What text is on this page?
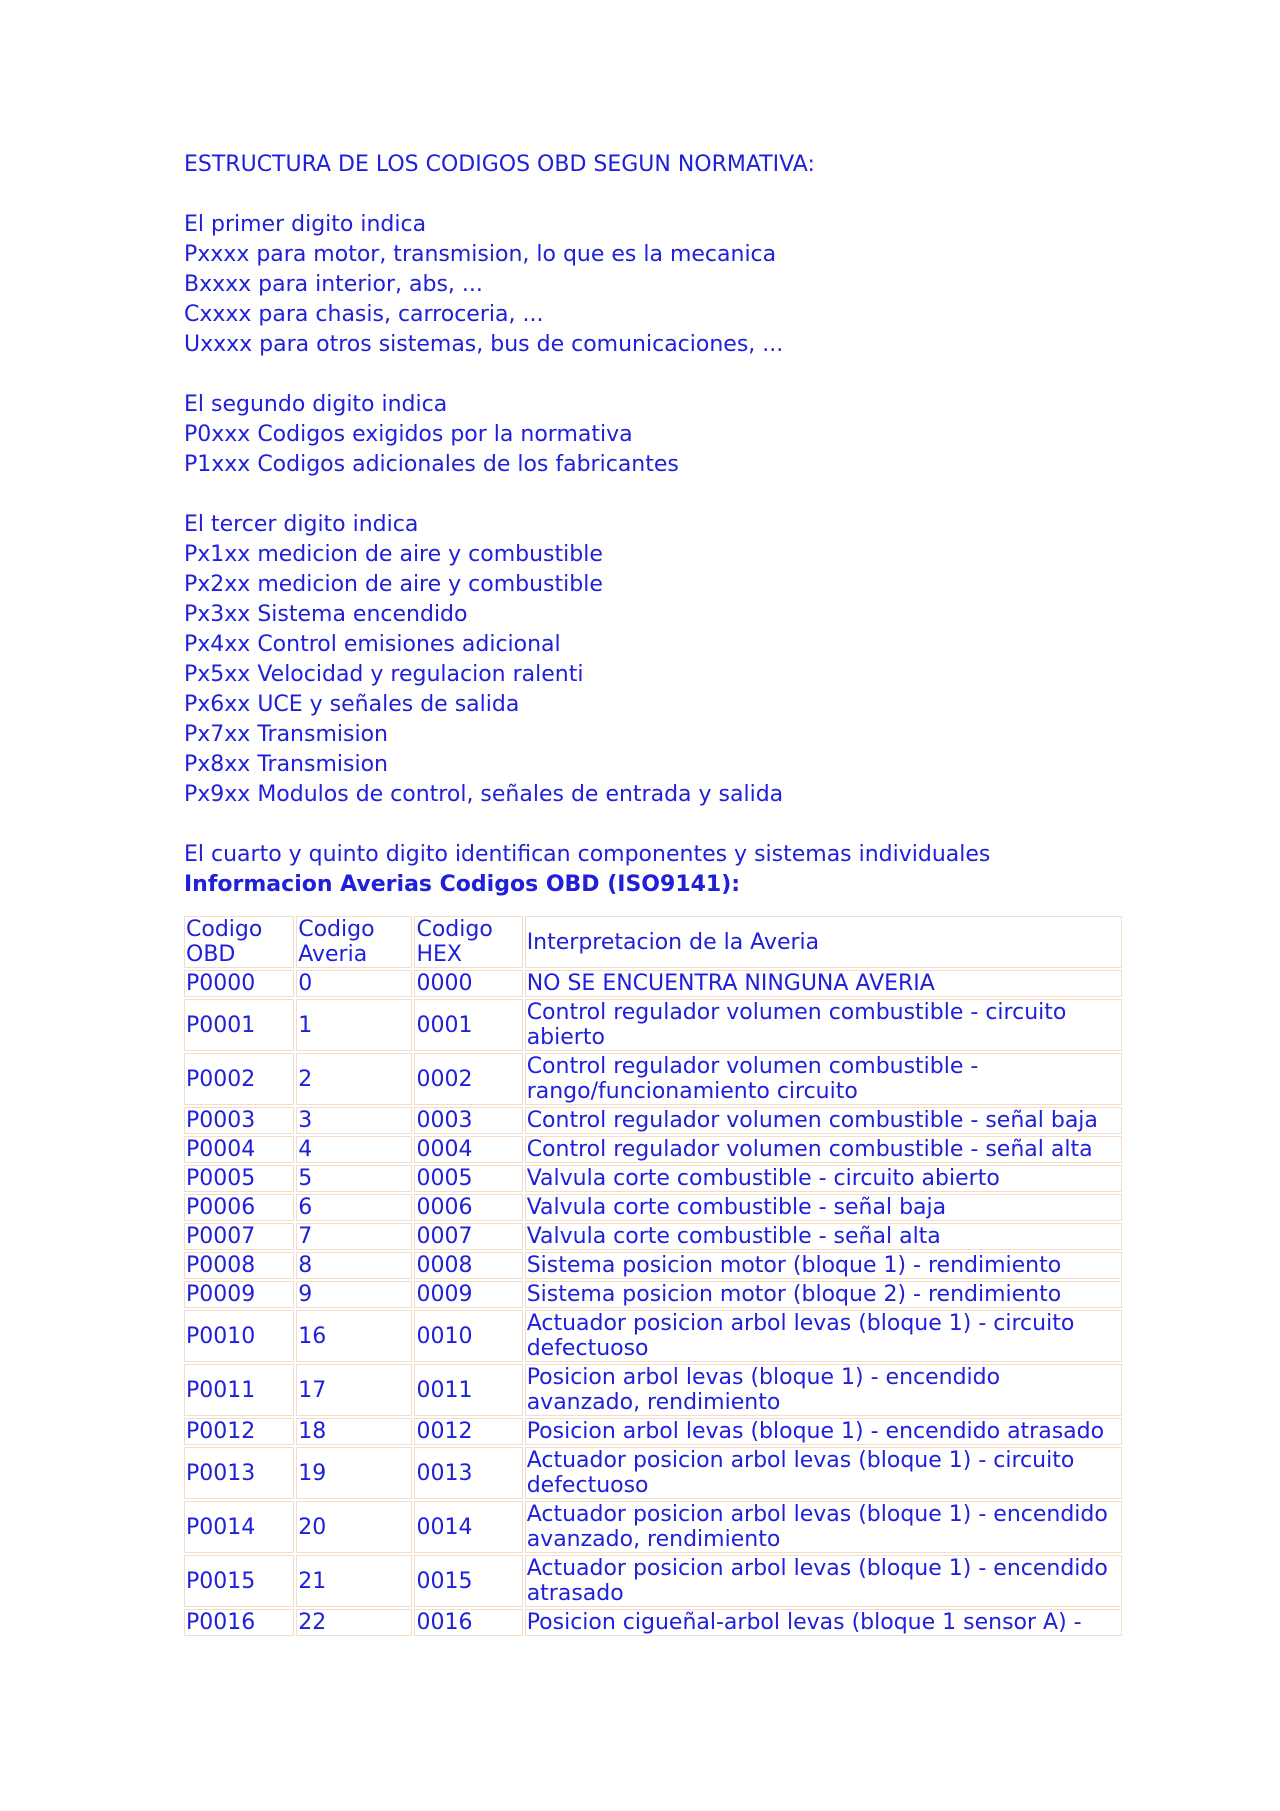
ESTRUCTURA DE LOS CODIGOS OBD SEGUN NORMATIVA:
El primer digito indica
Pxxxx para motor, transmision, lo que es la mecanica
Bxxxx para interior, abs, ...
Cxxxx para chasis, carroceria, ...
Uxxxx para otros sistemas, bus de comunicaciones, ...
El segundo digito indica
P0xxx Codigos exigidos por la normativa
P1xxx Codigos adicionales de los fabricantes
El tercer digito indica
Px1xx medicion de aire y combustible
Px2xx medicion de aire y combustible
Px3xx Sistema encendido
Px4xx Control emisiones adicional
Px5xx Velocidad y regulacion ralenti
Px6xx UCE y señales de salida
Px7xx Transmision
Px8xx Transmision
Px9xx Modulos de control, señales de entrada y salida
El cuarto y quinto digito identifican componentes y sistemas individuales
Informacion Averias Codigos OBD (ISO9141):
Codigo OBD	Codigo Averia	Codigo HEX	Interpretacion de la Averia
P0000	0	0000	NO SE ENCUENTRA NINGUNA AVERIA
P0001	1	0001	Control regulador volumen combustible - circuito abierto
P0002	2	0002	Control regulador volumen combustible - rango/funcionamiento circuito
P0003	3	0003	Control regulador volumen combustible - señal baja
P0004	4	0004	Control regulador volumen combustible - señal alta
P0005	5	0005	Valvula corte combustible - circuito abierto
P0006	6	0006	Valvula corte combustible - señal baja
P0007	7	0007	Valvula corte combustible - señal alta
P0008	8	0008	Sistema posicion motor (bloque 1) - rendimiento
P0009	9	0009	Sistema posicion motor (bloque 2) - rendimiento
P0010	16	0010	Actuador posicion arbol levas (bloque 1) - circuito defectuoso
P0011	17	0011	Posicion arbol levas (bloque 1) - encendido avanzado, rendimiento
P0012	18	0012	Posicion arbol levas (bloque 1) - encendido atrasado
P0013	19	0013	Actuador posicion arbol levas (bloque 1) - circuito defectuoso
P0014	20	0014	Actuador posicion arbol levas (bloque 1) - encendido avanzado, rendimiento
P0015	21	0015	Actuador posicion arbol levas (bloque 1) - encendido atrasado
P0016	22	0016	Posicion cigueñal-arbol levas (bloque 1 sensor A) -
